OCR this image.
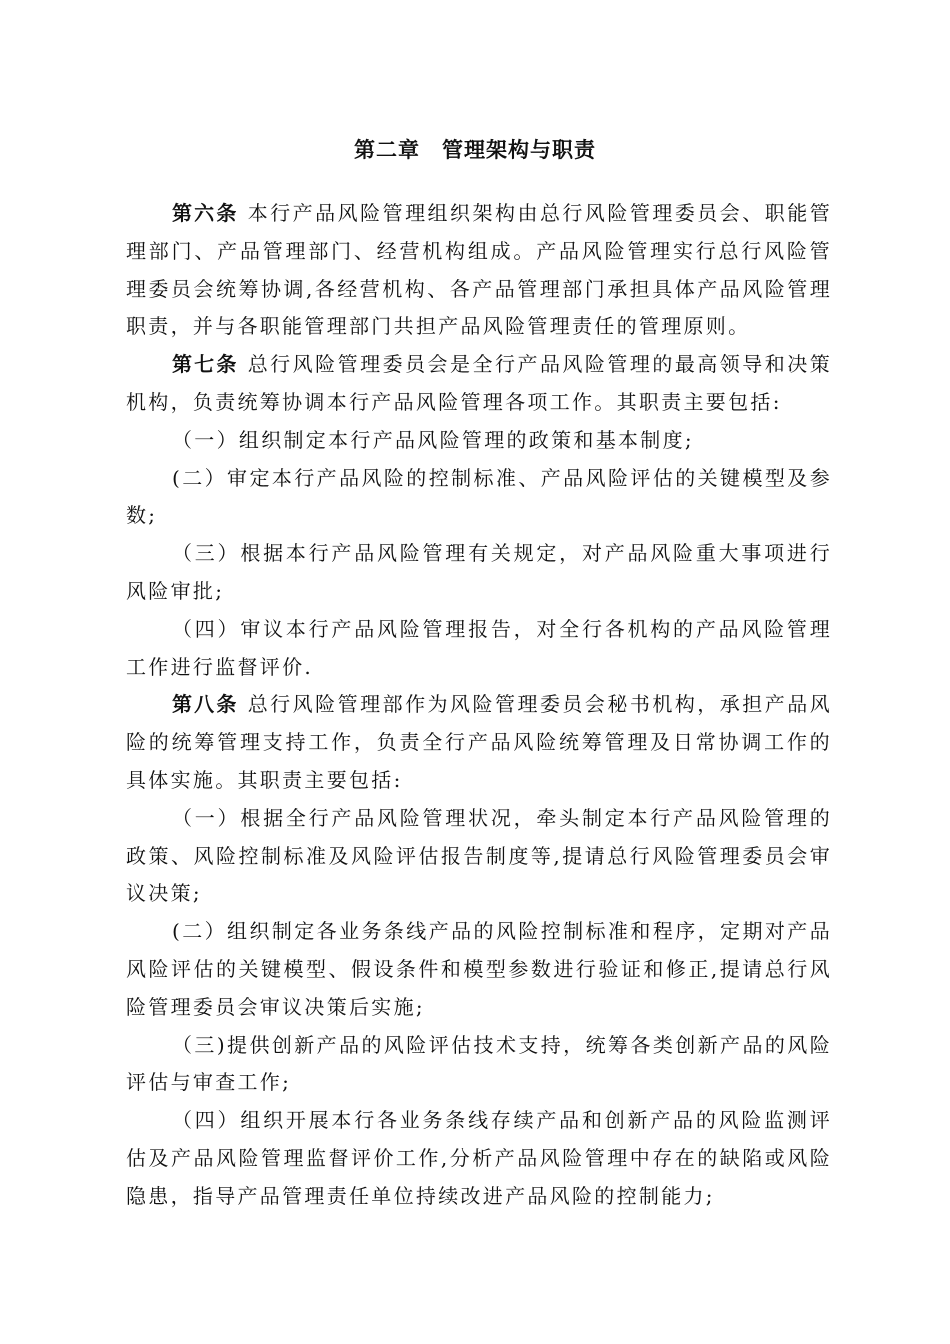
第二章 管理架构与职责

第六条 本行产品风险管理组织架构由总行风险管理委员会、职能管理部门、产品管理部门、经营机构组成。产品风险管理实行总行风险管理委员会统筹协调,各经营机构、各产品管理部门承担具体产品风险管理职责，并与各职能管理部门共担产品风险管理责任的管理原则。

第七条 总行风险管理委员会是全行产品风险管理的最高领导和决策机构，负责统筹协调本行产品风险管理各项工作。其职责主要包括:

（一）组织制定本行产品风险管理的政策和基本制度;

(二）审定本行产品风险的控制标准、产品风险评估的关键模型及参数;

（三）根据本行产品风险管理有关规定，对产品风险重大事项进行风险审批;

（四）审议本行产品风险管理报告，对全行各机构的产品风险管理工作进行监督评价.

第八条 总行风险管理部作为风险管理委员会秘书机构，承担产品风险的统筹管理支持工作，负责全行产品风险统筹管理及日常协调工作的具体实施。其职责主要包括:

（一）根据全行产品风险管理状况，牵头制定本行产品风险管理的政策、风险控制标准及风险评估报告制度等,提请总行风险管理委员会审议决策;

(二）组织制定各业务条线产品的风险控制标准和程序，定期对产品风险评估的关键模型、假设条件和模型参数进行验证和修正,提请总行风险管理委员会审议决策后实施;

（三)提供创新产品的风险评估技术支持，统筹各类创新产品的风险评估与审查工作;

（四）组织开展本行各业务条线存续产品和创新产品的风险监测评估及产品风险管理监督评价工作,分析产品风险管理中存在的缺陷或风险隐患，指导产品管理责任单位持续改进产品风险的控制能力;
